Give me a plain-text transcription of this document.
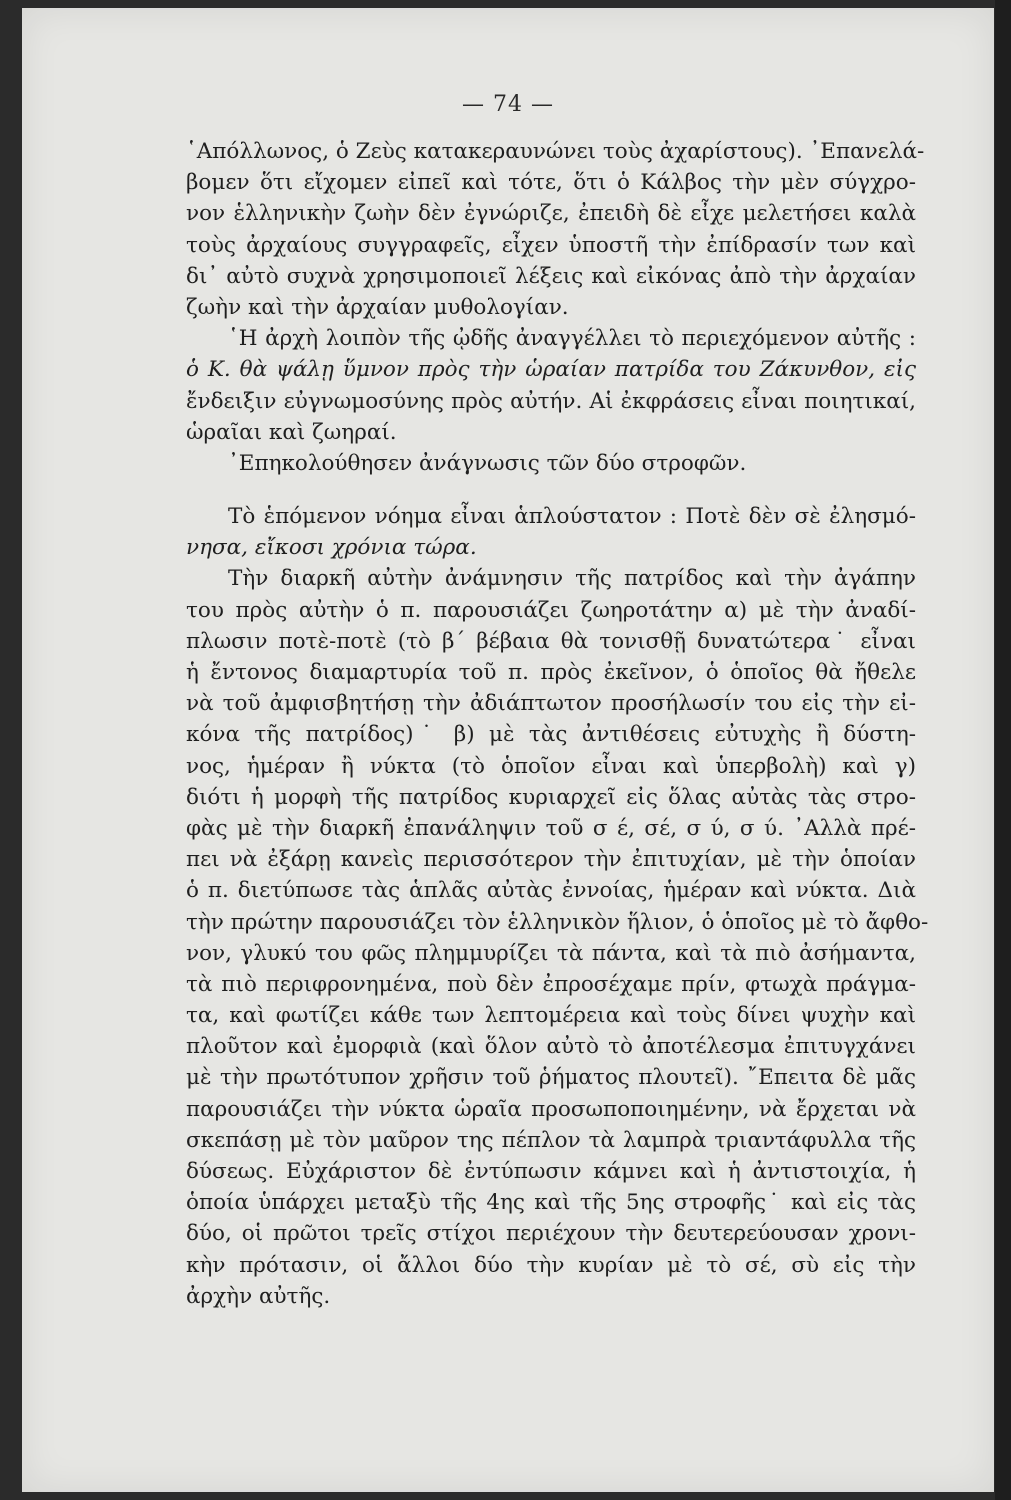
— 74 —
῾Απόλλωνος, ὁ Ζεὺς κατακεραυνώνει τοὺς ἀχαρίστους). ᾿Επανελά-
βομεν ὅτι εἴχομεν εἰπεῖ καὶ τότε, ὅτι ὁ Κάλβος τὴν μὲν σύγχρο-
νον ἑλληνικὴν ζωὴν δὲν ἐγνώριζε, ἐπειδὴ δὲ εἶχε μελετήσει καλὰ
τοὺς ἀρχαίους συγγραφεῖς, εἶχεν ὑποστῆ τὴν ἐπίδρασίν των καὶ
δι᾿ αὐτὸ συχνὰ χρησιμοποιεῖ λέξεις καὶ εἰκόνας ἀπὸ τὴν ἀρχαίαν
ζωὴν καὶ τὴν ἀρχαίαν μυθολογίαν.
῾Η ἀρχὴ λοιπὸν τῆς ᾠδῆς ἀναγγέλλει τὸ περιεχόμενον αὐτῆς :
ὁ Κ. θὰ ψάλῃ ὕμνον πρὸς τὴν ὡραίαν πατρίδα του Ζάκυνθον, εἰς
ἔνδειξιν εὐγνωμοσύνης πρὸς αὐτήν. Αἱ ἐκφράσεις εἶναι ποιητικαί,
ὡραῖαι καὶ ζωηραί.
᾿Επηκολούθησεν ἀνάγνωσις τῶν δύο στροφῶν.
Τὸ ἑπόμενον νόημα εἶναι ἁπλούστατον : Ποτὲ δὲν σὲ ἐλησμό-
νησα, εἴκοσι χρόνια τώρα.
Τὴν διαρκῆ αὐτὴν ἀνάμνησιν τῆς πατρίδος καὶ τὴν ἀγάπην
του πρὸς αὐτὴν ὁ π. παρουσιάζει ζωηροτάτην α) μὲ τὴν ἀναδί-
πλωσιν ποτὲ-ποτὲ (τὸ β΄ βέβαια θὰ τονισθῇ δυνατώτερα˙ εἶναι
ἡ ἔντονος διαμαρτυρία τοῦ π. πρὸς ἐκεῖνον, ὁ ὁποῖος θὰ ἤθελε
νὰ τοῦ ἀμφισβητήσῃ τὴν ἀδιάπτωτον προσήλωσίν του εἰς τὴν εἰ-
κόνα τῆς πατρίδος)˙ β) μὲ τὰς ἀντιθέσεις εὐτυχὴς ἢ δύστη-
νος, ἡμέραν ἢ νύκτα (τὸ ὁποῖον εἶναι καὶ ὑπερβολὴ) καὶ γ)
διότι ἡ μορφὴ τῆς πατρίδος κυριαρχεῖ εἰς ὅλας αὐτὰς τὰς στρο-
φὰς μὲ τὴν διαρκῆ ἐπανάληψιν τοῦ σ έ, σέ, σ ύ, σ ύ. ᾿Αλλὰ πρέ-
πει νὰ ἐξάρῃ κανεὶς περισσότερον τὴν ἐπιτυχίαν, μὲ τὴν ὁποίαν
ὁ π. διετύπωσε τὰς ἁπλᾶς αὐτὰς ἐννοίας, ἡμέραν καὶ νύκτα. Διὰ
τὴν πρώτην παρουσιάζει τὸν ἑλληνικὸν ἥλιον, ὁ ὁποῖος μὲ τὸ ἄφθο-
νον, γλυκύ του φῶς πλημμυρίζει τὰ πάντα, καὶ τὰ πιὸ ἀσήμαντα,
τὰ πιὸ περιφρονημένα, ποὺ δὲν ἐπροσέχαμε πρίν, φτωχὰ πράγμα-
τα, καὶ φωτίζει κάθε των λεπτομέρεια καὶ τοὺς δίνει ψυχὴν καὶ
πλοῦτον καὶ ἐμορφιὰ (καὶ ὅλον αὐτὸ τὸ ἀποτέλεσμα ἐπιτυγχάνει
μὲ τὴν πρωτότυπον χρῆσιν τοῦ ῥήματος πλουτεῖ). ῎Επειτα δὲ μᾶς
παρουσιάζει τὴν νύκτα ὡραῖα προσωποποιημένην, νὰ ἔρχεται νὰ
σκεπάσῃ μὲ τὸν μαῦρον της πέπλον τὰ λαμπρὰ τριαντάφυλλα τῆς
δύσεως. Εὐχάριστον δὲ ἐντύπωσιν κάμνει καὶ ἡ ἀντιστοιχία, ἡ
ὁποία ὑπάρχει μεταξὺ τῆς 4ης καὶ τῆς 5ης στροφῆς˙ καὶ εἰς τὰς
δύο, οἱ πρῶτοι τρεῖς στίχοι περιέχουν τὴν δευτερεύουσαν χρονι-
κὴν πρότασιν, οἱ ἄλλοι δύο τὴν κυρίαν μὲ τὸ σέ, σὺ εἰς τὴν
ἀρχὴν αὐτῆς.
